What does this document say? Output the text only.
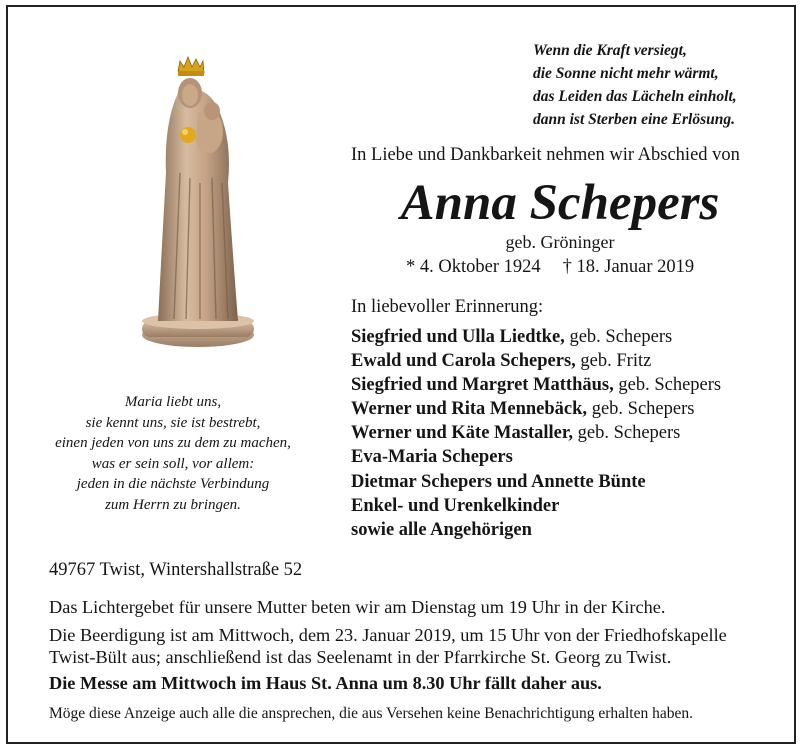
Wenn die Kraft versiegt,
die Sonne nicht mehr wärmt,
das Leiden das Lächeln einholt,
dann ist Sterben eine Erlösung.
In Liebe und Dankbarkeit nehmen wir Abschied von
Anna Schepers
geb. Gröninger
* 4. Oktober 1924 † 18. Januar 2019
In liebevoller Erinnerung:
Siegfried und Ulla Liedtke, geb. Schepers
Ewald und Carola Schepers, geb. Fritz
Siegfried und Margret Matthäus, geb. Schepers
Werner und Rita Mennebäck, geb. Schepers
Werner und Käte Mastaller, geb. Schepers
Eva-Maria Schepers
Dietmar Schepers und Annette Bünte
Enkel- und Urenkelkinder
sowie alle Angehörigen
Maria liebt uns,
sie kennt uns, sie ist bestrebt,
einen jeden von uns zu dem zu machen,
was er sein soll, vor allem:
jeden in die nächste Verbindung
zum Herrn zu bringen.
49767 Twist, Wintershallstraße 52
Das Lichtergebet für unsere Mutter beten wir am Dienstag um 19 Uhr in der Kirche.
Die Beerdigung ist am Mittwoch, dem 23. Januar 2019, um 15 Uhr von der Friedhofskapelle
Twist-Bült aus; anschließend ist das Seelenamt in der Pfarrkirche St. Georg zu Twist.
Die Messe am Mittwoch im Haus St. Anna um 8.30 Uhr fällt daher aus.
Möge diese Anzeige auch alle die ansprechen, die aus Versehen keine Benachrichtigung erhalten haben.
